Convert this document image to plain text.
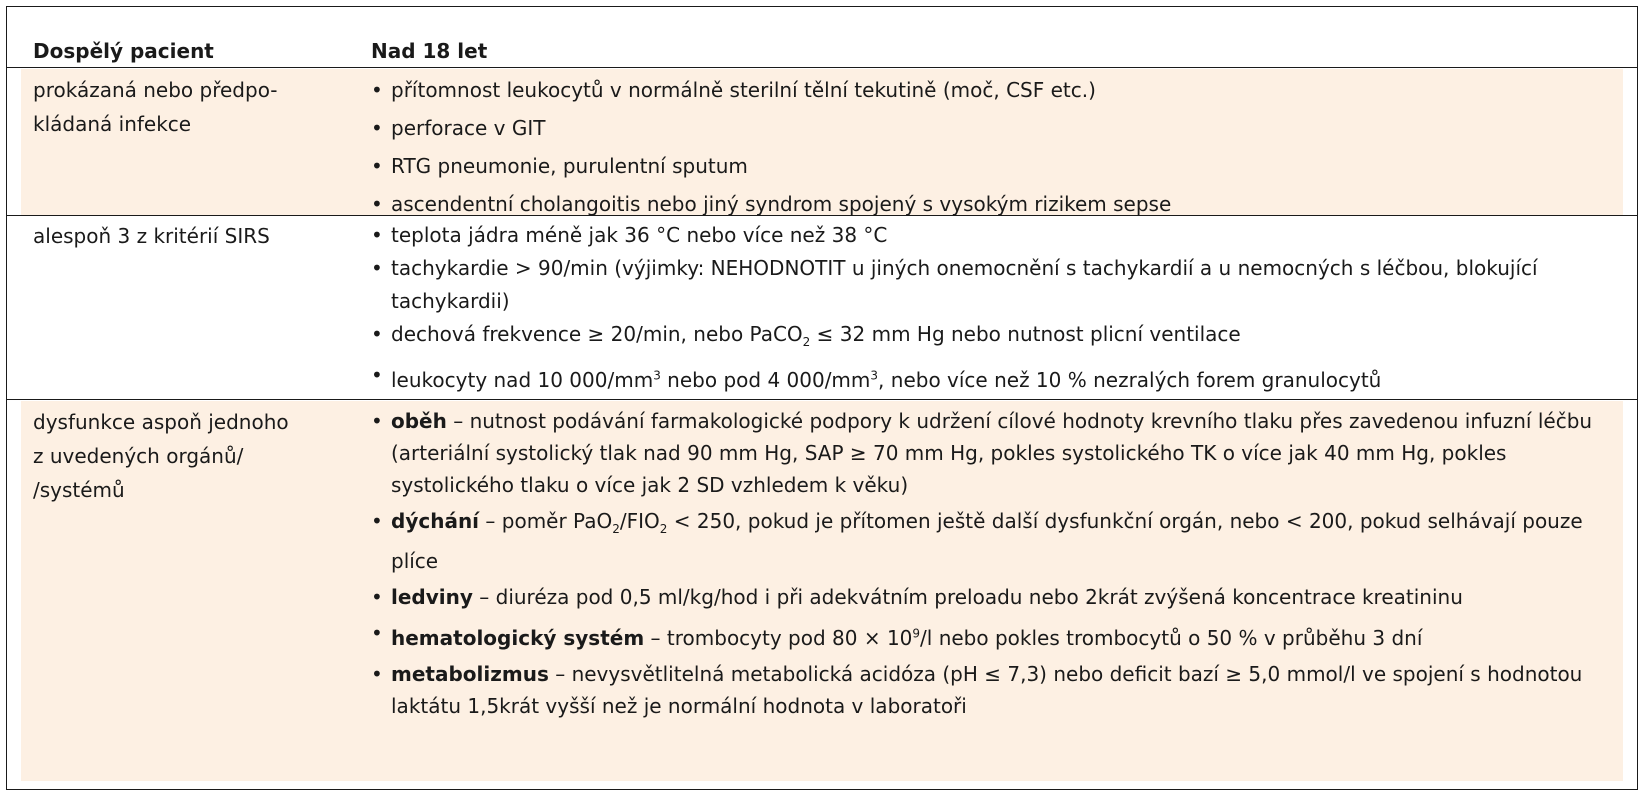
Dospělý pacient	Nad 18 let
prokázaná nebo předpo-
kládaná infekce
• přítomnost leukocytů v normálně sterilní tělní tekutině (moč, CSF etc.)
• perforace v GIT
• RTG pneumonie, purulentní sputum
• ascendentní cholangoitis nebo jiný syndrom spojený s vysokým rizikem sepse
alespoň 3 z kritérií SIRS	• teplota jádra méně jak 36 °C nebo více než 38 °C
• tachykardie > 90/min (výjimky: NEHODNOTIT u jiných onemocnění s tachykardií a u nemocných s léčbou, blokující tachykardii)
• dechová frekvence ≥ 20/min, nebo PaCO$_2$ ≤ 32 mm Hg nebo nutnost plicní ventilace
• leukocyty nad 10 $000/mm^3$ nebo pod 4 $000/mm^3$, nebo více než 10 % nezralých forem granulocytů
dysfunkce aspoň jednoho
z uvedených orgánů/
/systémů
• oběh – nutnost podávání farmakologické podpory k udržení cílové hodnoty krevního tlaku přes zavedenou infuzní léčbu (arteriální systolický tlak nad 90 mm Hg, SAP ≥ 70 mm Hg, pokles systolického TK o více jak 40 mm Hg, pokles systolického tlaku o více jak 2 SD vzhledem k věku)
• dýchání – poměr $PaO_2/FIO_2 < 250$, pokud je přítomen ještě další dysfunkční orgán, nebo < 200, pokud selhávají pouze plíce
• ledviny – diuréza pod 0,5 ml/kg/hod i při adekvátním preloadu nebo 2krát zvýšená koncentrace kreatininu
• hematologický systém – trombocyty pod $80 \times 10^9/l$ nebo pokles trombocytů o 50 % v průběhu 3 dní
• metabolizmus – nevysvětlitelná metabolická acidóza (pH ≤ 7,3) nebo deficit bazí ≥ 5,0 mmol/l ve spojení s hodnotou laktátu 1,5krát vyšší než je normální hodnota v laboratoři
